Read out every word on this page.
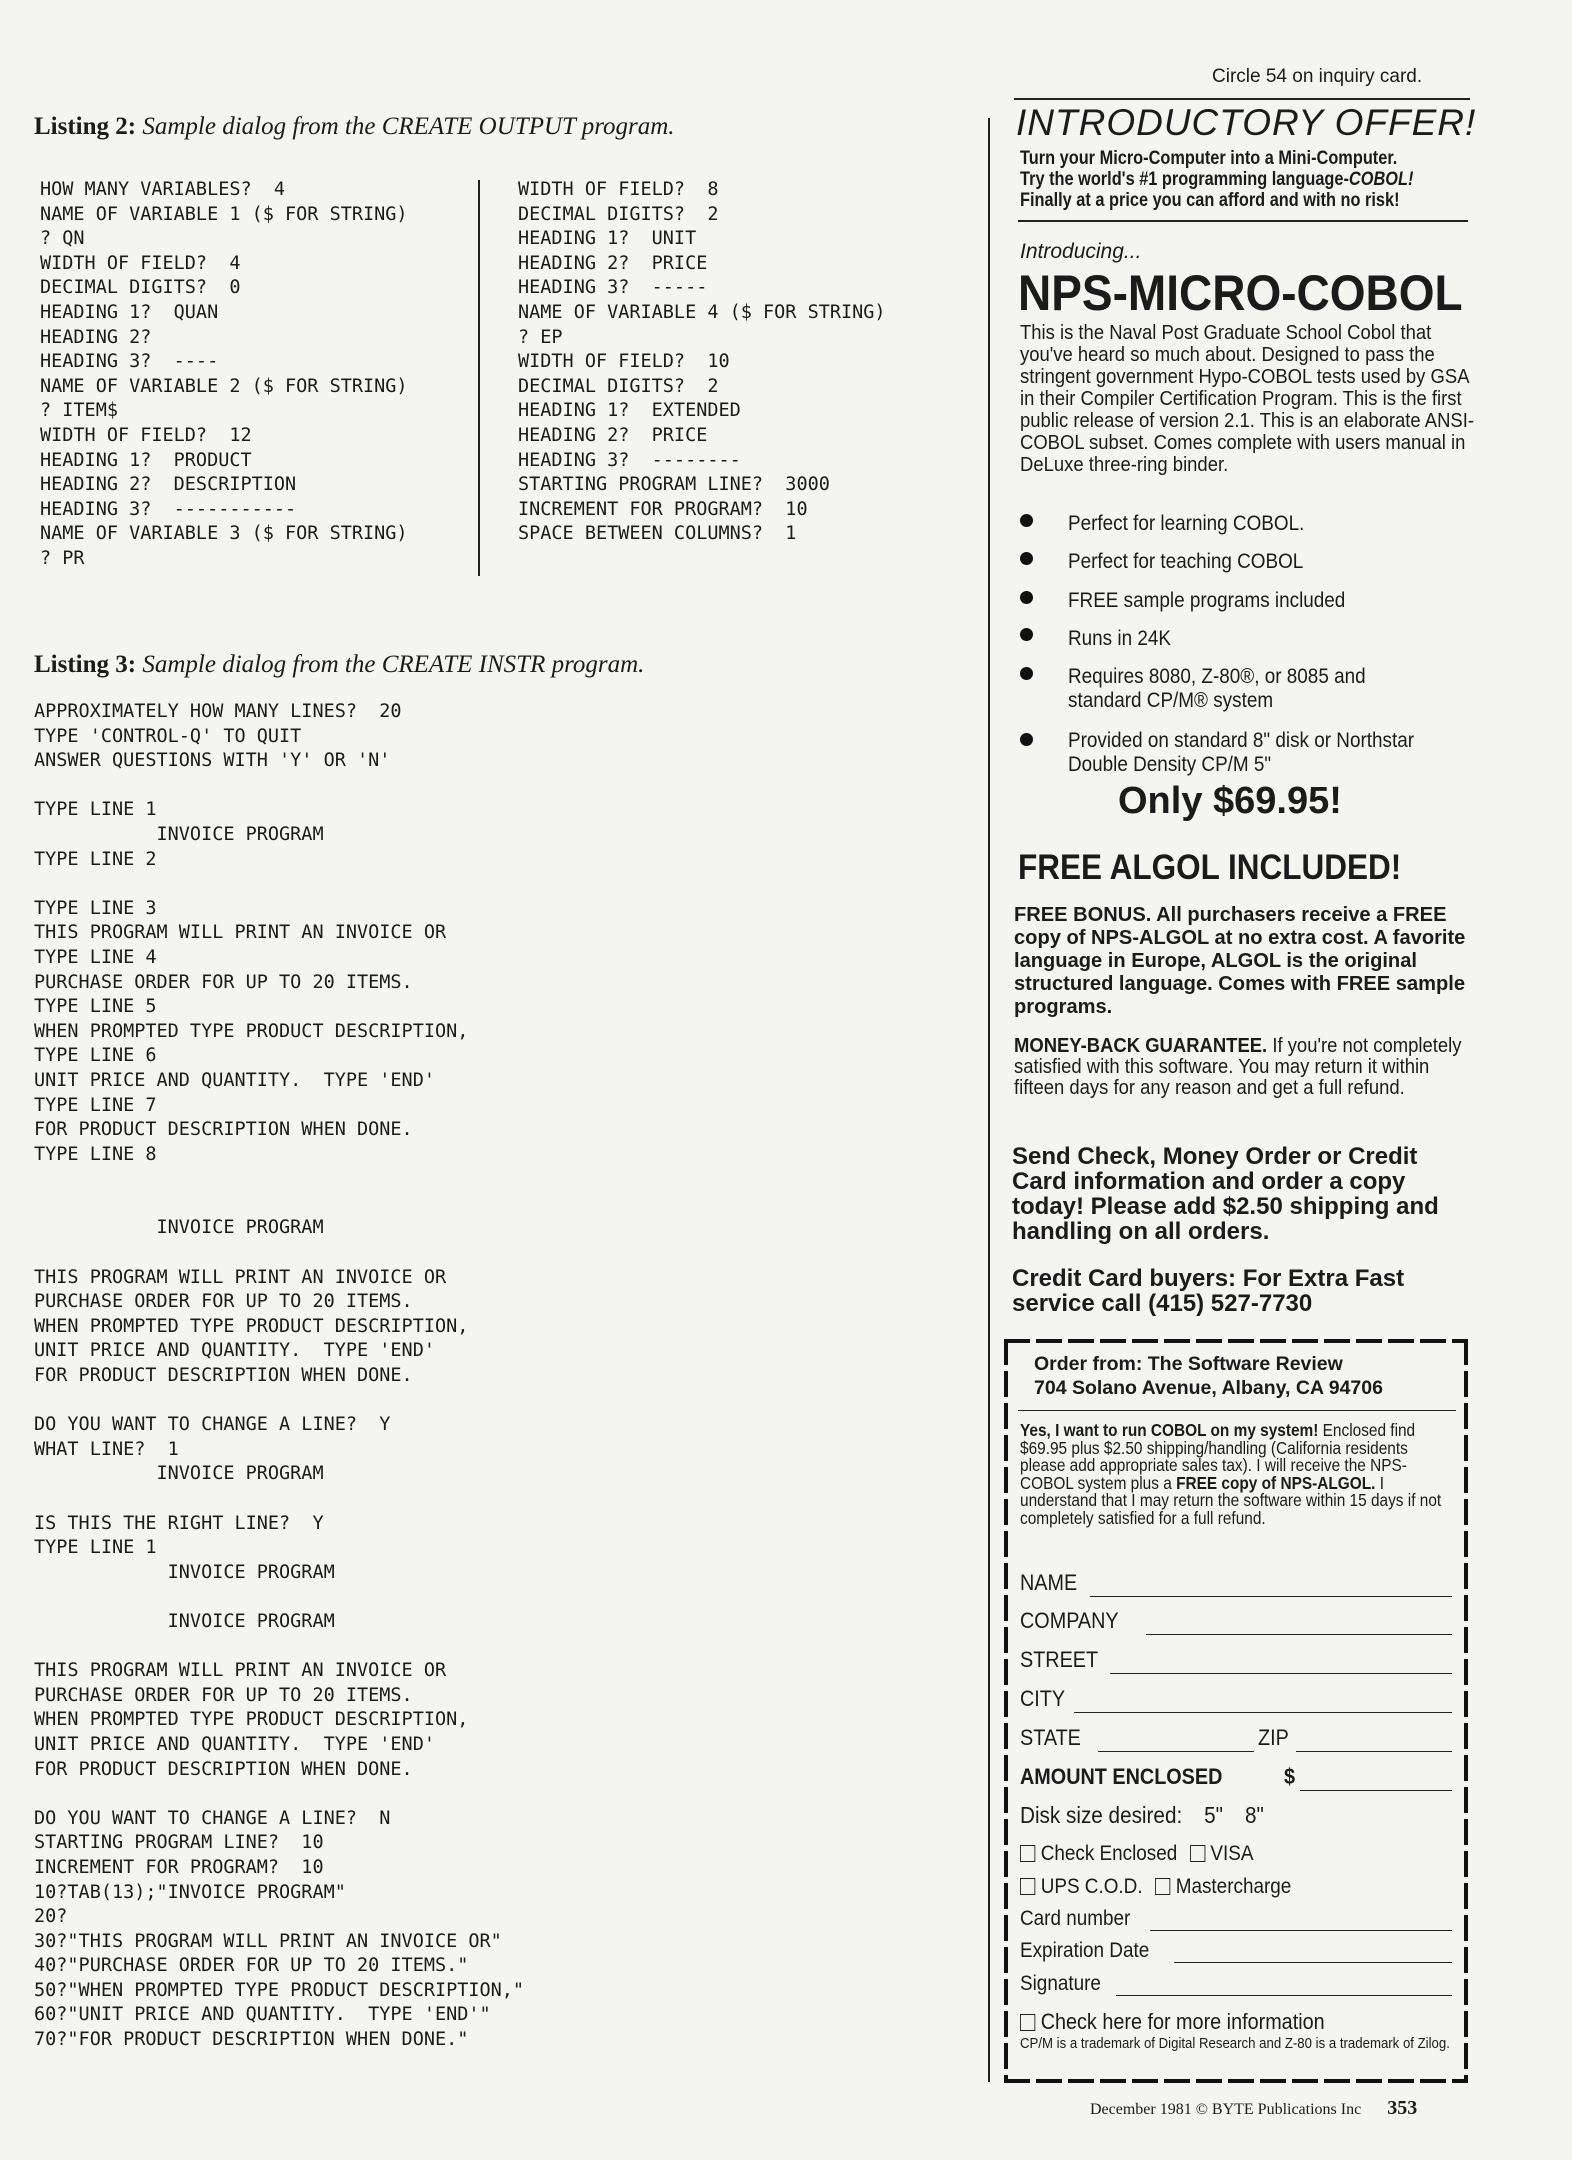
Listing 2: Sample dialog from the CREATE OUTPUT program.
HOW MANY VARIABLES?  4
NAME OF VARIABLE 1 ($ FOR STRING)
? QN
WIDTH OF FIELD?  4
DECIMAL DIGITS?  0
HEADING 1?  QUAN
HEADING 2?
HEADING 3?  ----
NAME OF VARIABLE 2 ($ FOR STRING)
? ITEM$
WIDTH OF FIELD?  12
HEADING 1?  PRODUCT
HEADING 2?  DESCRIPTION
HEADING 3?  -----------
NAME OF VARIABLE 3 ($ FOR STRING)
? PR
WIDTH OF FIELD?  8
DECIMAL DIGITS?  2
HEADING 1?  UNIT
HEADING 2?  PRICE
HEADING 3?  -----
NAME OF VARIABLE 4 ($ FOR STRING)
? EP
WIDTH OF FIELD?  10
DECIMAL DIGITS?  2
HEADING 1?  EXTENDED
HEADING 2?  PRICE
HEADING 3?  --------
STARTING PROGRAM LINE?  3000
INCREMENT FOR PROGRAM?  10
SPACE BETWEEN COLUMNS?  1
Listing 3: Sample dialog from the CREATE INSTR program.
APPROXIMATELY HOW MANY LINES?  20
TYPE 'CONTROL-Q' TO QUIT
ANSWER QUESTIONS WITH 'Y' OR 'N'

TYPE LINE 1
INVOICE PROGRAM
TYPE LINE 2

TYPE LINE 3
THIS PROGRAM WILL PRINT AN INVOICE OR
TYPE LINE 4
PURCHASE ORDER FOR UP TO 20 ITEMS.
TYPE LINE 5
WHEN PROMPTED TYPE PRODUCT DESCRIPTION,
TYPE LINE 6
UNIT PRICE AND QUANTITY.  TYPE 'END'
TYPE LINE 7
FOR PRODUCT DESCRIPTION WHEN DONE.
TYPE LINE 8

INVOICE PROGRAM

THIS PROGRAM WILL PRINT AN INVOICE OR
PURCHASE ORDER FOR UP TO 20 ITEMS.
WHEN PROMPTED TYPE PRODUCT DESCRIPTION,
UNIT PRICE AND QUANTITY.  TYPE 'END'
FOR PRODUCT DESCRIPTION WHEN DONE.

DO YOU WANT TO CHANGE A LINE?  Y
WHAT LINE?  1
INVOICE PROGRAM

IS THIS THE RIGHT LINE?  Y
TYPE LINE 1
INVOICE PROGRAM

INVOICE PROGRAM

THIS PROGRAM WILL PRINT AN INVOICE OR
PURCHASE ORDER FOR UP TO 20 ITEMS.
WHEN PROMPTED TYPE PRODUCT DESCRIPTION,
UNIT PRICE AND QUANTITY.  TYPE 'END'
FOR PRODUCT DESCRIPTION WHEN DONE.

DO YOU WANT TO CHANGE A LINE?  N
STARTING PROGRAM LINE?  10
INCREMENT FOR PROGRAM?  10
10?TAB(13);"INVOICE PROGRAM"
20?
30?"THIS PROGRAM WILL PRINT AN INVOICE OR"
40?"PURCHASE ORDER FOR UP TO 20 ITEMS."
50?"WHEN PROMPTED TYPE PRODUCT DESCRIPTION,"
60?"UNIT PRICE AND QUANTITY.  TYPE 'END'"
70?"FOR PRODUCT DESCRIPTION WHEN DONE."
Circle 54 on inquiry card.
INTRODUCTORY OFFER!
Turn your Micro-Computer into a Mini-Computer.
Try the world's #1 programming language-COBOL!
Finally at a price you can afford and with no risk!
Introducing...
NPS-MICRO-COBOL
This is the Naval Post Graduate School Cobol that you've heard so much about. Designed to pass the stringent government Hypo-COBOL tests used by GSA in their Compiler Certification Program. This is the first public release of version 2.1. This is an elaborate ANSI-COBOL subset. Comes complete with users manual in DeLuxe three-ring binder.
Perfect for learning COBOL.
Perfect for teaching COBOL
FREE sample programs included
Runs in 24K
Requires 8080, Z-80®, or 8085 and standard CP/M® system
Provided on standard 8" disk or Northstar Double Density CP/M 5"
Only $69.95!
FREE ALGOL INCLUDED!
FREE BONUS. All purchasers receive a FREE copy of NPS-ALGOL at no extra cost. A favorite language in Europe, ALGOL is the original structured language. Comes with FREE sample programs.
MONEY-BACK GUARANTEE. If you're not completely satisfied with this software. You may return it within fifteen days for any reason and get a full refund.
Send Check, Money Order or Credit Card information and order a copy today! Please add $2.50 shipping and handling on all orders.
Credit Card buyers: For Extra Fast service call (415) 527-7730
Order from: The Software Review
704 Solano Avenue, Albany, CA 94706
Yes, I want to run COBOL on my system! Enclosed find $69.95 plus $2.50 shipping/handling (California residents please add appropriate sales tax). I will receive the NPS-COBOL system plus a FREE copy of NPS-ALGOL. I understand that I may return the software within 15 days if not completely satisfied for a full refund.
NAME
COMPANY
STREET
CITY
STATE	ZIP
AMOUNT ENCLOSED	$
Disk size desired: 5" 8"
Check Enclosed VISA
UPS C.O.D. Mastercharge
Card number
Expiration Date
Signature
Check here for more information
CP/M is a trademark of Digital Research and Z-80 is a trademark of Zilog.
December 1981 © BYTE Publications Inc 353
